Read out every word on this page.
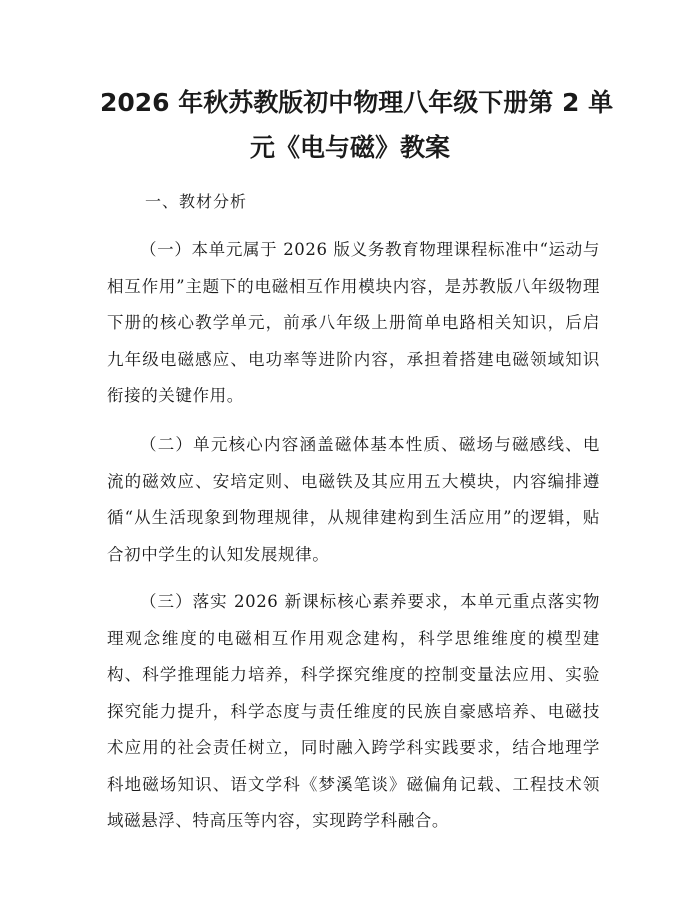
2026 年秋苏教版初中物理八年级下册第 2 单
元《电与磁》教案
一、教材分析

（一）本单元属于 2026 版义务教育物理课程标准中“运动与相互作用”主题下的电磁相互作用模块内容，是苏教版八年级物理下册的核心教学单元，前承八年级上册简单电路相关知识，后启九年级电磁感应、电功率等进阶内容，承担着搭建电磁领域知识衔接的关键作用。

（二）单元核心内容涵盖磁体基本性质、磁场与磁感线、电流的磁效应、安培定则、电磁铁及其应用五大模块，内容编排遵循“从生活现象到物理规律，从规律建构到生活应用”的逻辑，贴合初中学生的认知发展规律。

（三）落实 2026 新课标核心素养要求，本单元重点落实物理观念维度的电磁相互作用观念建构，科学思维维度的模型建构、科学推理能力培养，科学探究维度的控制变量法应用、实验探究能力提升，科学态度与责任维度的民族自豪感培养、电磁技术应用的社会责任树立，同时融入跨学科实践要求，结合地理学科地磁场知识、语文学科《梦溪笔谈》磁偏角记载、工程技术领域磁悬浮、特高压等内容，实现跨学科融合。
